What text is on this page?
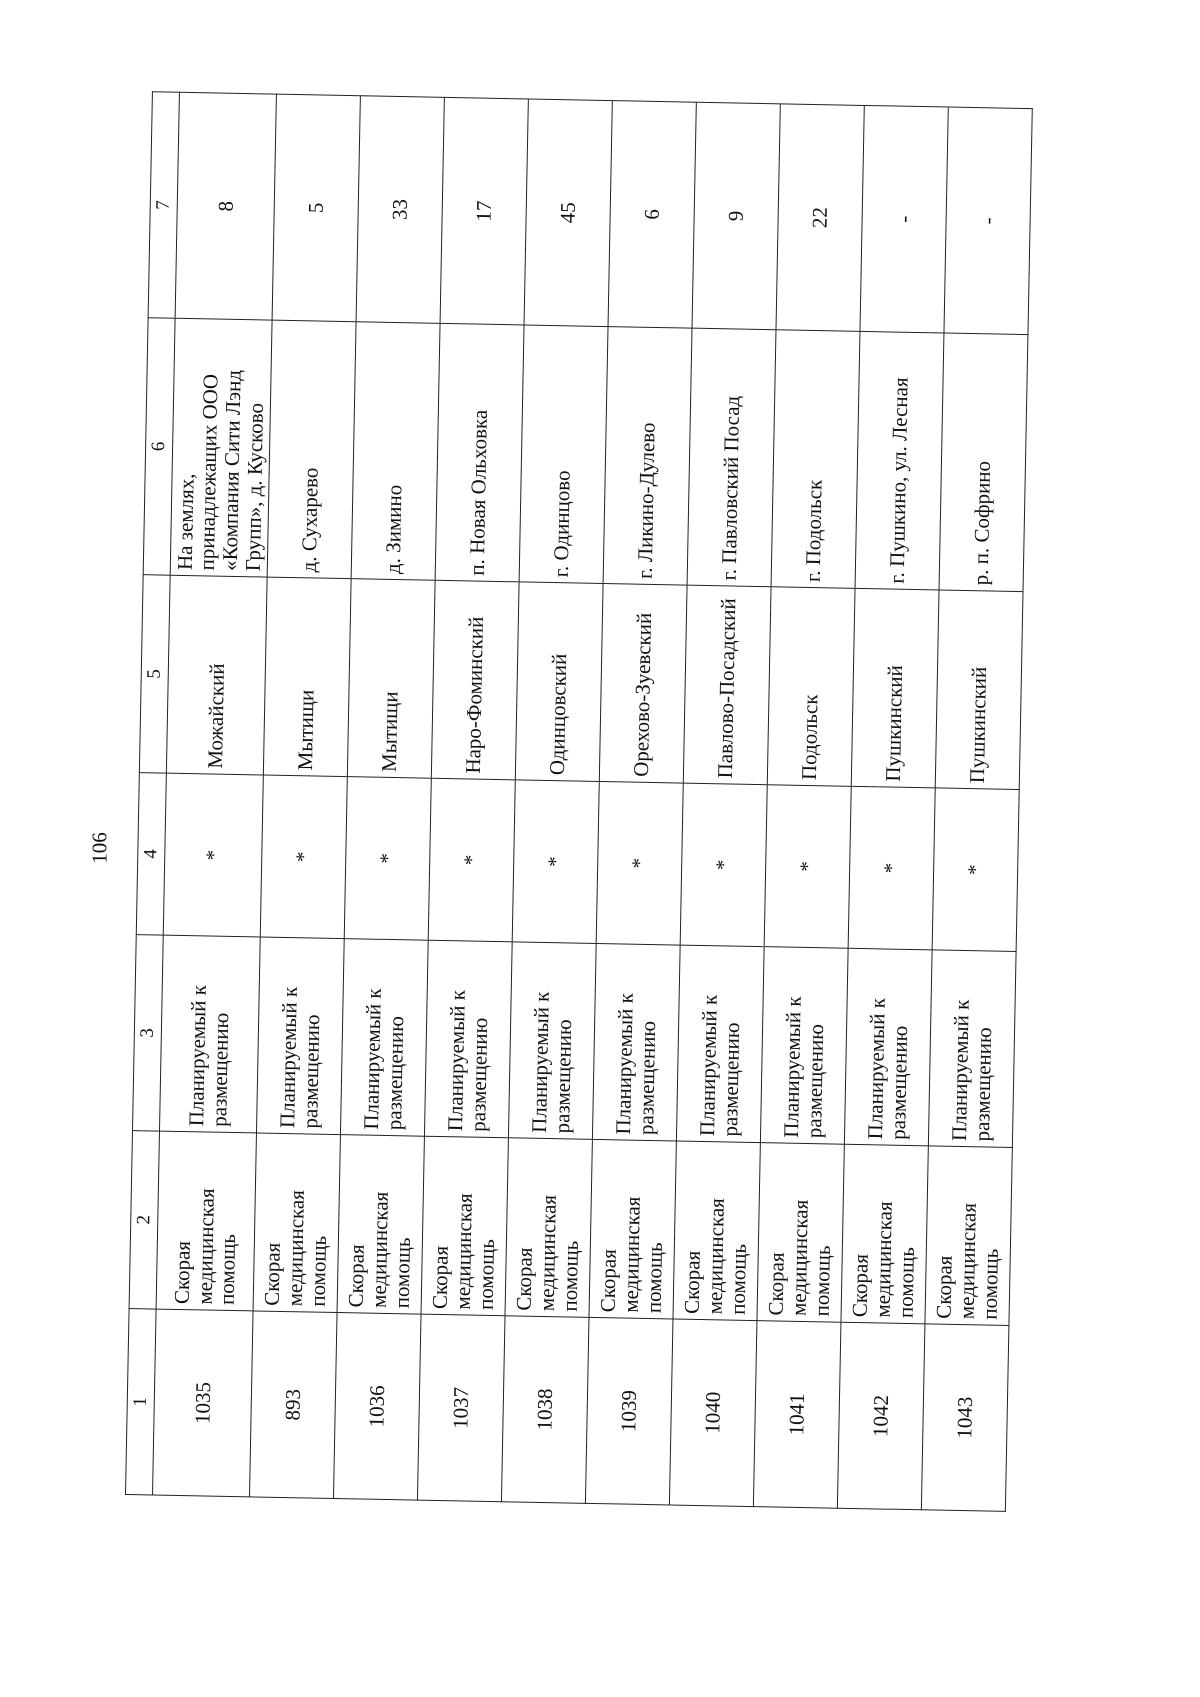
106
1	2	3	4	5	6	7
1035	Скорая медицинская помощь	Планируемый к размещению	*	Можайский	На землях, принадлежащих ООО «Компания Сити Лэнд Групп», д. Кусково	8
893	Скорая медицинская помощь	Планируемый к размещению	*	Мытищи	д. Сухарево	5
1036	Скорая медицинская помощь	Планируемый к размещению	*	Мытищи	д. Зимино	33
1037	Скорая медицинская помощь	Планируемый к размещению	*	Наро-Фоминский	п. Новая Ольховка	17
1038	Скорая медицинская помощь	Планируемый к размещению	*	Одинцовский	г. Одинцово	45
1039	Скорая медицинская помощь	Планируемый к размещению	*	Орехово-Зуевский	г. Ликино-Дулево	6
1040	Скорая медицинская помощь	Планируемый к размещению	*	Павлово-Посадский	г. Павловский Посад	9
1041	Скорая медицинская помощь	Планируемый к размещению	*	Подольск	г. Подольск	22
1042	Скорая медицинская помощь	Планируемый к размещению	*	Пушкинский	г. Пушкино, ул. Лесная	-
1043	Скорая медицинская помощь	Планируемый к размещению	*	Пушкинский	р. п. Софрино	-
